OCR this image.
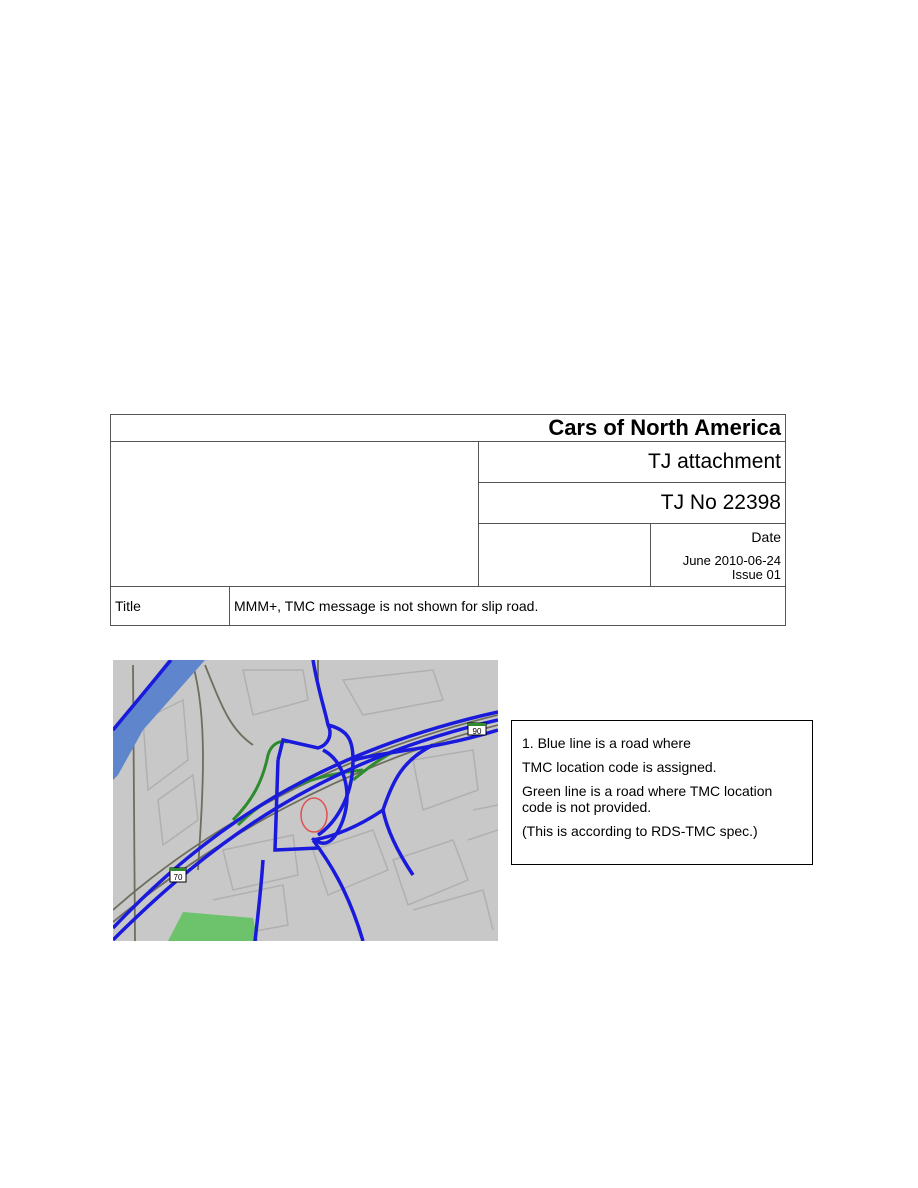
Cars of North America			
		TJ attachment	
		TJ No 22398	

			Date
June 2010-06-24
Issue 01

Title	MMM+, TMC message is not shown for slip road.		
90
70

1. Blue line is a road where

TMC location code is assigned.

Green line is a road where TMC location code is not provided.

(This is according to RDS-TMC spec.)
